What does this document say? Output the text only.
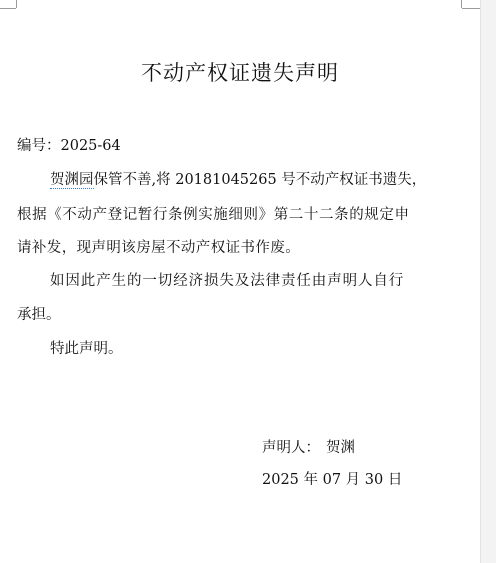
不动产权证遗失声明
编号：2025-64
贺渊园保管不善,将 20181045265 号不动产权证书遗失，
根据《不动产登记暂行条例实施细则》第二十二条的规定申
请补发，现声明该房屋不动产权证书作废。
如因此产生的一切经济损失及法律责任由声明人自行
承担。
特此声明。
声明人： 贺渊
2025 年 07 月 30 日
